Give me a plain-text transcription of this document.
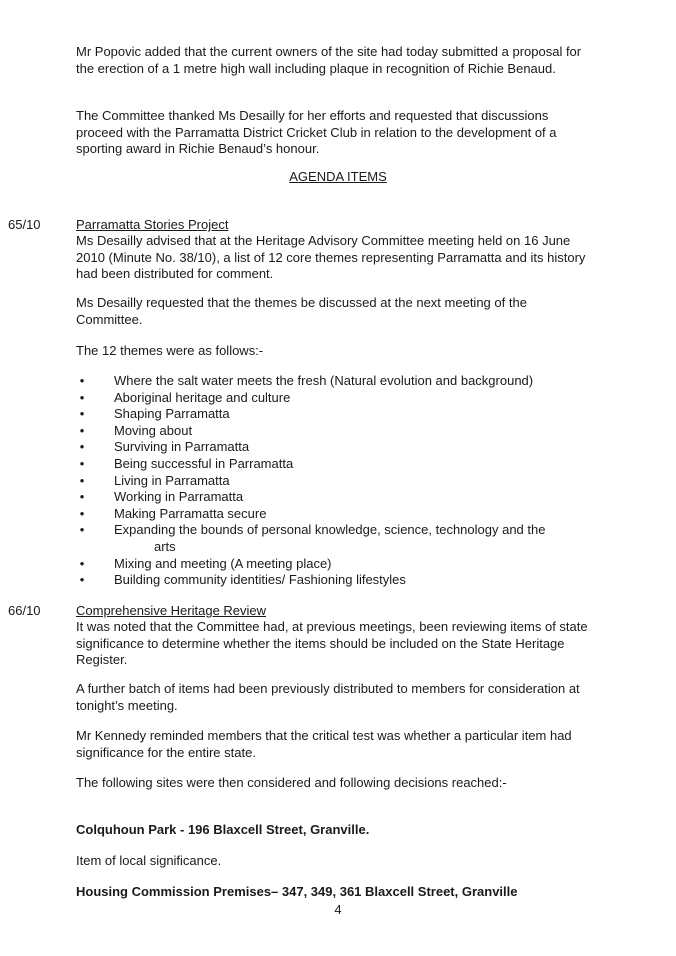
Mr Popovic added that the current owners of the site had today submitted a proposal for the erection of a 1 metre high wall including plaque in recognition of Richie Benaud.
The Committee thanked Ms Desailly for her efforts and requested that discussions proceed with the Parramatta District Cricket Club in relation to the development of a sporting award in Richie Benaud’s honour.
AGENDA ITEMS
65/10	Parramatta Stories Project
Ms Desailly advised that at the Heritage Advisory Committee meeting held on 16 June 2010 (Minute No. 38/10), a list of 12 core themes representing Parramatta and its history had been distributed for comment.
Ms Desailly requested that the themes be discussed at the next meeting of the Committee.
The 12 themes were as follows:-
• Where the salt water meets the fresh (Natural evolution and background)
• Aboriginal heritage and culture
• Shaping Parramatta
• Moving about
• Surviving in Parramatta
• Being successful in Parramatta
• Living in Parramatta
• Working in Parramatta
• Making Parramatta secure
• Expanding the bounds of personal knowledge, science, technology and the
arts
• Mixing and meeting (A meeting place)
• Building community identities/ Fashioning lifestyles
66/10	Comprehensive Heritage Review
It was noted that the Committee had, at previous meetings, been reviewing items of state significance to determine whether the items should be included on the State Heritage Register.
A further batch of items had been previously distributed to members for consideration at tonight’s meeting.
Mr Kennedy reminded members that the critical test was whether a particular item had significance for the entire state.
The following sites were then considered and following decisions reached:-
Colquhoun Park - 196 Blaxcell Street, Granville.
Item of local significance.
Housing Commission Premises– 347, 349, 361 Blaxcell Street, Granville
4
